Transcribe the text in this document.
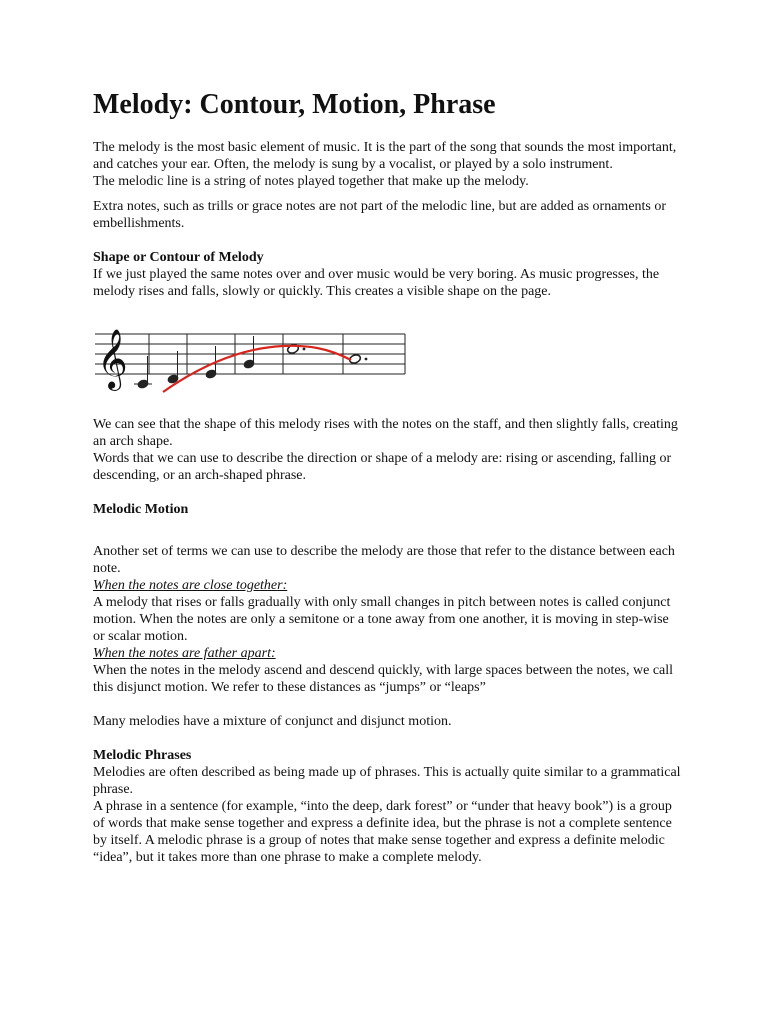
Melody: Contour, Motion, Phrase

The melody is the most basic element of music. It is the part of the song that sounds the most important, and catches your ear. Often, the melody is sung by a vocalist, or played by a solo instrument.

The melodic line is a string of notes played together that make up the melody.

Extra notes, such as trills or grace notes are not part of the melodic line, but are added as ornaments or embellishments.

Shape or Contour of Melody

If we just played the same notes over and over music would be very boring. As music progresses, the melody rises and falls, slowly or quickly. This creates a visible shape on the page.

𝄞

We can see that the shape of this melody rises with the notes on the staff, and then slightly falls, creating an arch shape.

Words that we can use to describe the direction or shape of a melody are: rising or ascending, falling or descending, or an arch-shaped phrase.

Melodic Motion

Another set of terms we can use to describe the melody are those that refer to the distance between each note.

When the notes are close together:

A melody that rises or falls gradually with only small changes in pitch between notes is called conjunct motion. When the notes are only a semitone or a tone away from one another, it is moving in step-wise or scalar motion.

When the notes are father apart:

When the notes in the melody ascend and descend quickly, with large spaces between the notes, we call this disjunct motion. We refer to these distances as “jumps” or “leaps”

Many melodies have a mixture of conjunct and disjunct motion.

Melodic Phrases

Melodies are often described as being made up of phrases. This is actually quite similar to a grammatical phrase.

A phrase in a sentence (for example, “into the deep, dark forest” or “under that heavy book”) is a group of words that make sense together and express a definite idea, but the phrase is not a complete sentence by itself. A melodic phrase is a group of notes that make sense together and express a definite melodic “idea”, but it takes more than one phrase to make a complete melody.
